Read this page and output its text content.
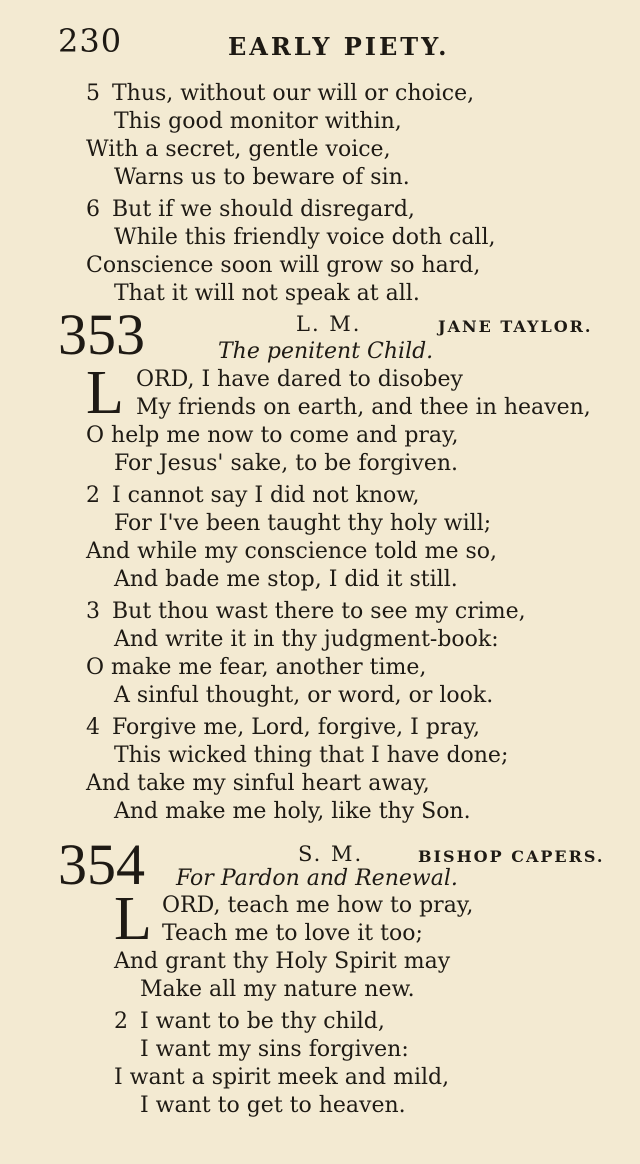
230	EARLY PIETY.
5 Thus, without our will or choice,
This good monitor within,
With a secret, gentle voice,
Warns us to beware of sin.
6 But if we should disregard,
While this friendly voice doth call,
Conscience soon will grow so hard,
That it will not speak at all.
353	L. M.	JANE TAYLOR.
The penitent Child.
L ORD, I have dared to disobey
My friends on earth, and thee in heaven,
O help me now to come and pray,
For Jesus' sake, to be forgiven.
2 I cannot say I did not know,
For I've been taught thy holy will;
And while my conscience told me so,
And bade me stop, I did it still.
3 But thou wast there to see my crime,
And write it in thy judgment-book:
O make me fear, another time,
A sinful thought, or word, or look.
4 Forgive me, Lord, forgive, I pray,
This wicked thing that I have done;
And take my sinful heart away,
And make me holy, like thy Son.
354	S. M.	BISHOP CAPERS.
For Pardon and Renewal.
L ORD, teach me how to pray,
Teach me to love it too;
And grant thy Holy Spirit may
Make all my nature new.
2 I want to be thy child,
I want my sins forgiven:
I want a spirit meek and mild,
I want to get to heaven.
